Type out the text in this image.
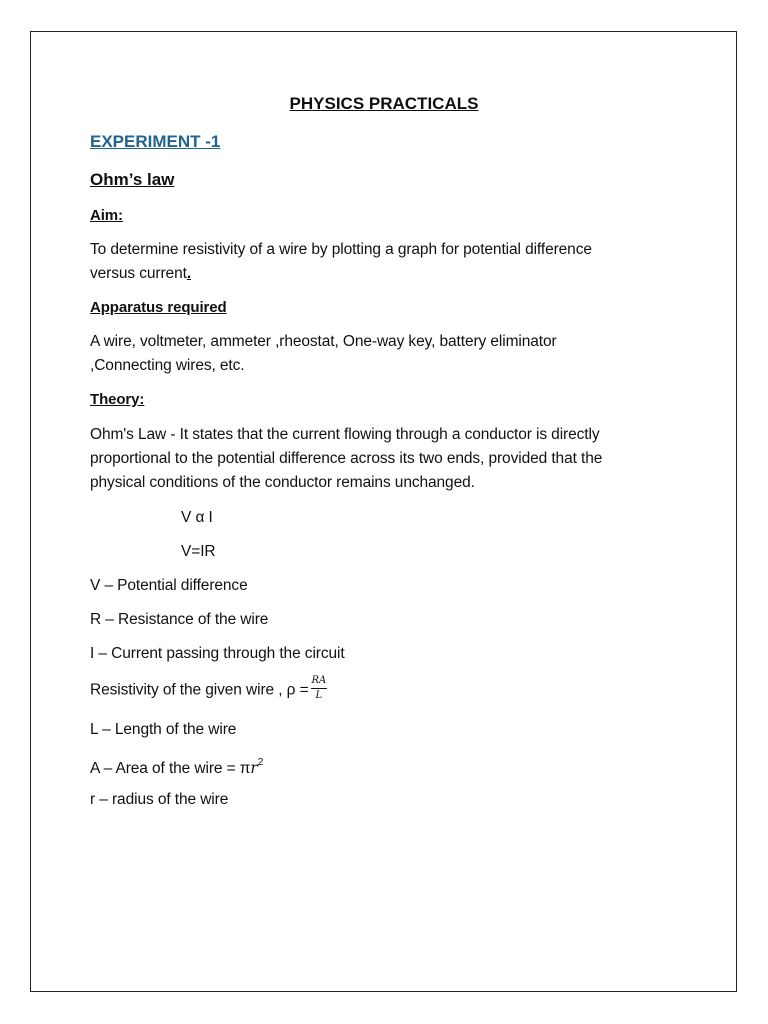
PHYSICS PRACTICALS
EXPERIMENT -1
Ohm’s law
Aim:
To determine resistivity of a wire by plotting a graph for potential difference
versus current.
Apparatus required
A wire, voltmeter, ammeter ,rheostat, One-way key, battery eliminator
,Connecting wires, etc.
Theory:
Ohm's Law - It states that the current flowing through a conductor is directly
proportional to the potential difference across its two ends, provided that the
physical conditions of the conductor remains unchanged.
V α I
V=IR
V – Potential difference
R – Resistance of the wire
I – Current passing through the circuit
Resistivity of the given wire , $\rho = \frac{RA}{L}$
L – Length of the wire
A – Area of the wire = $\pi r^2$
r – radius of the wire
